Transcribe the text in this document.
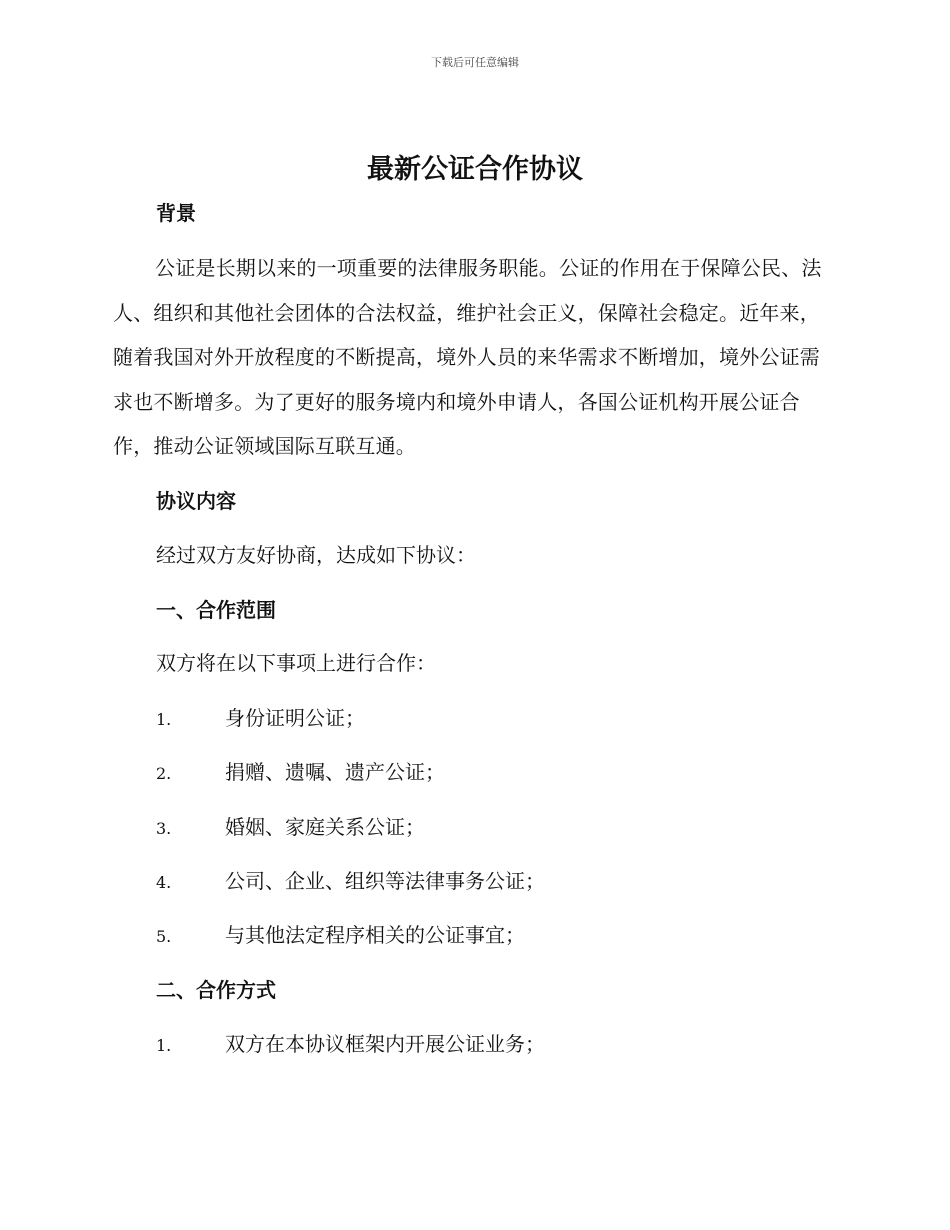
下载后可任意编辑
最新公证合作协议
背景

公证是长期以来的一项重要的法律服务职能。公证的作用在于保障公民、法人、组织和其他社会团体的合法权益，维护社会正义，保障社会稳定。近年来，随着我国对外开放程度的不断提高，境外人员的来华需求不断增加，境外公证需求也不断增多。为了更好的服务境内和境外申请人，各国公证机构开展公证合作，推动公证领域国际互联互通。

协议内容

经过双方友好协商，达成如下协议：

一、合作范围

双方将在以下事项上进行合作：

1.	身份证明公证；
2.	捐赠、遗嘱、遗产公证；
3.	婚姻、家庭关系公证；
4.	公司、企业、组织等法律事务公证；
5.	与其他法定程序相关的公证事宜；
二、合作方式
1.	双方在本协议框架内开展公证业务；
